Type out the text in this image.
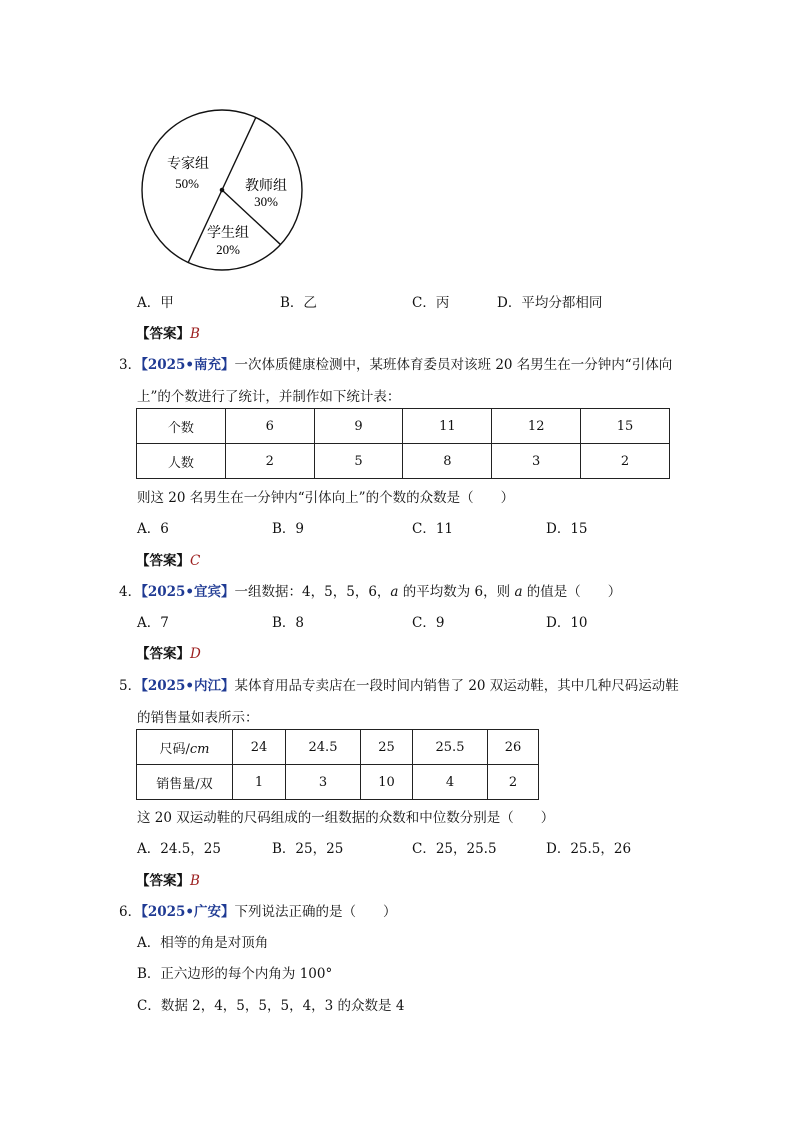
专家组
50%	教师组
30%
学生组
20%
A．甲	B．乙	C．丙	D．平均分都相同
【答案】B
3．【2025•南充】一次体质健康检测中，某班体育委员对该班 20 名男生在一分钟内“引体向
上”的个数进行了统计，并制作如下统计表：
个数	6	9	11	12	15
人数	2	5	8	3	2
则这 20 名男生在一分钟内“引体向上”的个数的众数是（　　）
A．6	B．9	C．11	D．15
【答案】C
4．【2025•宜宾】一组数据：4，5，5，6，a 的平均数为 6，则 a 的值是（　　）
A．7	B．8	C．9	D．10
【答案】D
5．【2025•内江】某体育用品专卖店在一段时间内销售了 20 双运动鞋，其中几种尺码运动鞋
的销售量如表所示：
尺码/cm	24	24.5	25	25.5	26
销售量/双	1	3	10	4	2
这 20 双运动鞋的尺码组成的一组数据的众数和中位数分别是（　　）
A．24.5，25	B．25，25	C．25，25.5	D．25.5，26
【答案】B
6．【2025•广安】下列说法正确的是（　　）
A．相等的角是对顶角
B．正六边形的每个内角为 100°
C．数据 2，4，5，5，5，4，3 的众数是 4
